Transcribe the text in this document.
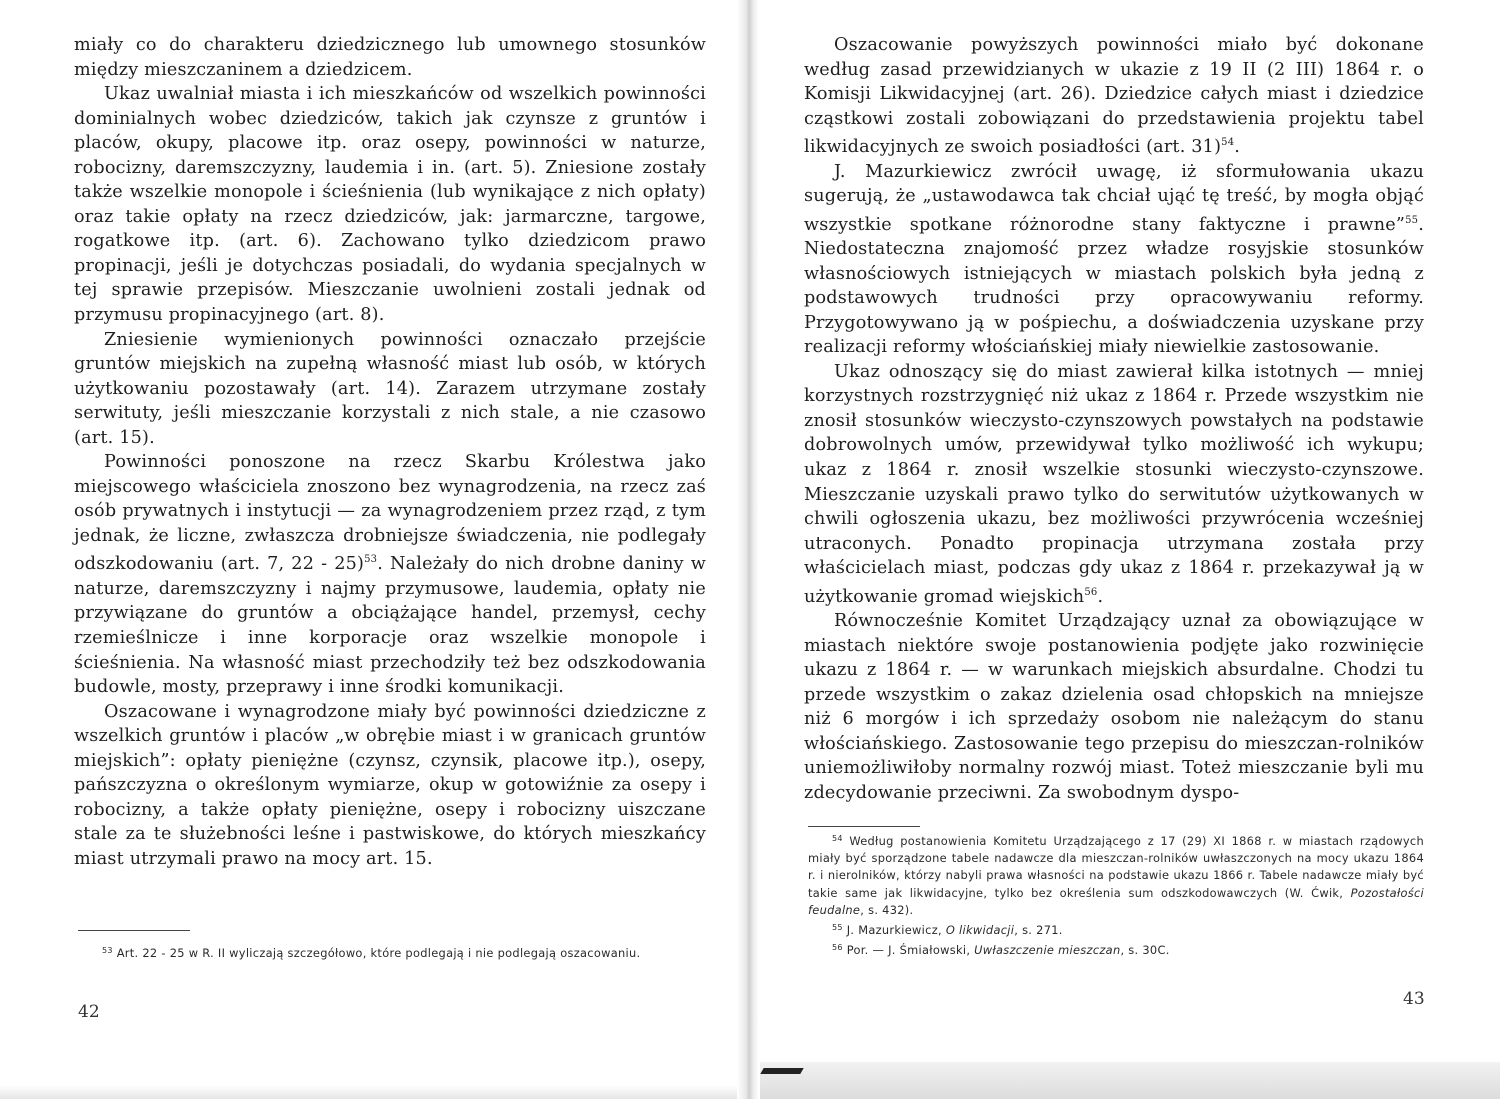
miały co do charakteru dziedzicznego lub umownego stosunków między mieszczaninem a dziedzicem.

Ukaz uwalniał miasta i ich mieszkańców od wszelkich powinności dominialnych wobec dziedziców, takich jak czynsze z gruntów i placów, okupy, placowe itp. oraz osepy, powinności w naturze, robocizny, daremszczyzny, laudemia i in. (art. 5). Zniesione zostały także wszelkie monopole i ścieśnienia (lub wynikające z nich opłaty) oraz takie opłaty na rzecz dziedziców, jak: jarmarczne, targowe, rogatkowe itp. (art. 6). Zachowano tylko dziedzicom prawo propinacji, jeśli je dotychczas posiadali, do wydania specjalnych w tej sprawie przepisów. Mieszczanie uwolnieni zostali jednak od przymusu propinacyjnego (art. 8).

Zniesienie wymienionych powinności oznaczało przejście gruntów miejskich na zupełną własność miast lub osób, w których użytkowaniu pozostawały (art. 14). Zarazem utrzymane zostały serwituty, jeśli mieszczanie korzystali z nich stale, a nie czasowo (art. 15).

Powinności ponoszone na rzecz Skarbu Królestwa jako miejscowego właściciela znoszono bez wynagrodzenia, na rzecz zaś osób prywatnych i instytucji — za wynagrodzeniem przez rząd, z tym jednak, że liczne, zwłaszcza drobniejsze świadczenia, nie podlegały odszkodowaniu (art. 7, 22 - 25)$^{53}$. Należały do nich drobne daniny w naturze, daremszczyzny i najmy przymusowe, laudemia, opłaty nie przywiązane do gruntów a obciążające handel, przemysł, cechy rzemieślnicze i inne korporacje oraz wszelkie monopole i ścieśnienia. Na własność miast przechodziły też bez odszkodowania budowle, mosty, przeprawy i inne środki komunikacji.

Oszacowane i wynagrodzone miały być powinności dziedziczne z wszelkich gruntów i placów „w obrębie miast i w granicach gruntów miejskich”: opłaty pieniężne (czynsz, czynsik, placowe itp.), osepy, pańszczyzna o określonym wymiarze, okup w gotowiźnie za osepy i robocizny, a także opłaty pieniężne, osepy i robocizny uiszczane stale za te służebności leśne i pastwiskowe, do których mieszkańcy miast utrzymali prawo na mocy art. 15.

$^{53}$ Art. 22 - 25 w R. II wyliczają szczegółowo, które podlegają i nie podlegają oszacowaniu.

42

Oszacowanie powyższych powinności miało być dokonane według zasad przewidzianych w ukazie z 19 II (2 III) 1864 r. o Komisji Likwidacyjnej (art. 26). Dziedzice całych miast i dziedzice cząstkowi zostali zobowiązani do przedstawienia projektu tabel likwidacyjnych ze swoich posiadłości (art. 31)$^{54}$.

J. Mazurkiewicz zwrócił uwagę, iż sformułowania ukazu sugerują, że „ustawodawca tak chciał ująć tę treść, by mogła objąć wszystkie spotkane różnorodne stany faktyczne i prawne”$^{55}$. Niedostateczna znajomość przez władze rosyjskie stosunków własnościowych istniejących w miastach polskich była jedną z podstawowych trudności przy opracowywaniu reformy. Przygotowywano ją w pośpiechu, a doświadczenia uzyskane przy realizacji reformy włościańskiej miały niewielkie zastosowanie.

Ukaz odnoszący się do miast zawierał kilka istotnych — mniej korzystnych rozstrzygnięć niż ukaz z 1864 r. Przede wszystkim nie znosił stosunków wieczysto-czynszowych powstałych na podstawie dobrowolnych umów, przewidywał tylko możliwość ich wykupu; ukaz z 1864 r. znosił wszelkie stosunki wieczysto-czynszowe. Mieszczanie uzyskali prawo tylko do serwitutów użytkowanych w chwili ogłoszenia ukazu, bez możliwości przywrócenia wcześniej utraconych. Ponadto propinacja utrzymana została przy właścicielach miast, podczas gdy ukaz z 1864 r. przekazywał ją w użytkowanie gromad wiejskich$^{56}$.

Równocześnie Komitet Urządzający uznał za obowiązujące w miastach niektóre swoje postanowienia podjęte jako rozwinięcie ukazu z 1864 r. — w warunkach miejskich absurdalne. Chodzi tu przede wszystkim o zakaz dzielenia osad chłopskich na mniejsze niż 6 morgów i ich sprzedaży osobom nie należącym do stanu włościańskiego. Zastosowanie tego przepisu do mieszczan-rolników uniemożliwiłoby normalny rozwój miast. Toteż mieszczanie byli mu zdecydowanie przeciwni. Za swobodnym dyspo-

$^{54}$ Według postanowienia Komitetu Urządzającego z 17 (29) XI 1868 r. w miastach rządowych miały być sporządzone tabele nadawcze dla mieszczan-rolników uwłaszczonych na mocy ukazu 1864 r. i nierolników, którzy nabyli prawa własności na podstawie ukazu 1866 r. Tabele nadawcze miały być takie same jak likwidacyjne, tylko bez określenia sum odszkodowawczych (W. Ćwik, Pozostałości feudalne, s. 432).

$^{55}$ J. Mazurkiewicz, O likwidacji, s. 271.

$^{56}$ Por. — J. Śmiałowski, Uwłaszczenie mieszczan, s. 30C.

43
